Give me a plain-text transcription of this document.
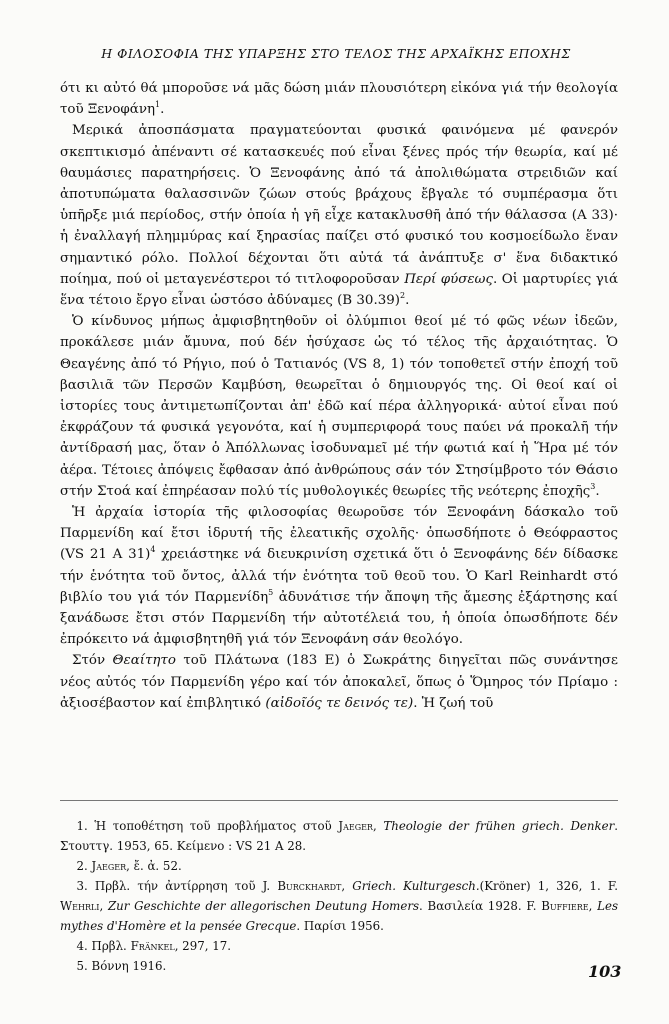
Η ΦΙΛΟΣΟΦΙΑ ΤΗΣ ΥΠΑΡΞΗΣ ΣΤΟ ΤΕΛΟΣ ΤΗΣ ΑΡΧΑΪΚΗΣ ΕΠΟΧΗΣ

ότι κι αὐτό θά μποροῦσε νά μᾶς δώση μιάν πλουσιότερη εἰκόνα γιά τήν θεολογία τοῦ Ξενοφάνη$^1$.

Μερικά ἀποσπάσματα πραγματεύονται φυσικά φαινόμενα μέ φανερόν σκεπτικισμό ἀπέναντι σέ κατασκευές πού εἶναι ξένες πρός τήν θεωρία, καί μέ θαυμάσιες παρατηρήσεις. Ὁ Ξενοφάνης ἀπό τά ἀπολιθώματα στρειδιῶν καί ἀποτυπώματα θαλασσινῶν ζώων στούς βράχους ἔβγαλε τό συμπέρασμα ὅτι ὑπῆρξε μιά περίοδος, στήν ὁποία ἡ γῆ εἶχε κατακλυσθῆ ἀπό τήν θάλασσα (A 33)· ἡ ἐναλλαγή πλημμύρας καί ξηρασίας παίζει στό φυσικό του κοσμοείδωλο ἕναν σημαντικό ρόλο. Πολλοί δέχονται ὅτι αὐτά τά ἀνάπτυξε σ' ἕνα διδακτικό ποίημα, πού οἱ μεταγενέστεροι τό τιτλοφοροῦσαν Περί φύσεως. Οἱ μαρτυρίες γιά ἕνα τέτοιο ἔργο εἶναι ὡστόσο ἀδύναμες (B 30.39)$^2$.

Ὁ κίνδυνος μήπως ἀμφισβητηθοῦν οἱ ὀλύμπιοι θεοί μέ τό φῶς νέων ἰδεῶν, προκάλεσε μιάν ἄμυνα, πού δέν ἡσύχασε ὡς τό τέλος τῆς ἀρχαιότητας. Ὁ Θεαγένης ἀπό τό Ρήγιο, πού ὁ Τατιανός (VS 8, 1) τόν τοποθετεῖ στήν ἐποχή τοῦ βασιλιᾶ τῶν Περσῶν Καμβύση, θεωρεῖται ὁ δημιουργός της. Οἱ θεοί καί οἱ ἱστορίες τους ἀντιμετωπίζονται ἀπ' ἐδῶ καί πέρα ἀλληγορικά· αὐτοί εἶναι πού ἐκφράζουν τά φυσικά γεγονότα, καί ἡ συμπεριφορά τους παύει νά προκαλῆ τήν ἀντίδρασή μας, ὅταν ὁ Ἀπόλλωνας ἰσοδυναμεῖ μέ τήν φωτιά καί ἡ Ἥρα μέ τόν ἀέρα. Τέτοιες ἀπόψεις ἔφθασαν ἀπό ἀνθρώπους σάν τόν Στησίμβροτο τόν Θάσιο στήν Στοά καί ἐπηρέασαν πολύ τίς μυθολογικές θεωρίες τῆς νεότερης ἐποχῆς$^3$.

Ἡ ἀρχαία ἱστορία τῆς φιλοσοφίας θεωροῦσε τόν Ξενοφάνη δάσκαλο τοῦ Παρμενίδη καί ἔτσι ἱδρυτή τῆς ἐλεατικῆς σχολῆς· ὁπωσδήποτε ὁ Θεόφραστος (VS 21 A 31)$^4$ χρειάστηκε νά διευκρινίση σχετικά ὅτι ὁ Ξενοφάνης δέν δίδασκε τήν ἑνότητα τοῦ ὄντος, ἀλλά τήν ἑνότητα τοῦ θεοῦ του. Ὁ Karl Reinhardt στό βιβλίο του γιά τόν Παρμενίδη$^5$ ἀδυνάτισε τήν ἄποψη τῆς ἄμεσης ἐξάρτησης καί ξανάδωσε ἔτσι στόν Παρμενίδη τήν αὐτοτέλειά του, ἡ ὁποία ὁπωσδήποτε δέν ἐπρόκειτο νά ἀμφισβητηθῆ γιά τόν Ξενοφάνη σάν θεολόγο.

Στόν Θεαίτητο τοῦ Πλάτωνα (183 E) ὁ Σωκράτης διηγεῖται πῶς συνάντησε νέος αὐτός τόν Παρμενίδη γέρο καί τόν ἀποκαλεῖ, ὅπως ὁ Ὅμηρος τόν Πρίαμο : ἀξιοσέβαστον καί ἐπιβλητικό (αἰδοῖός τε δεινός τε). Ἡ ζωή τοῦ

1. Ἡ τοποθέτηση τοῦ προβλήματος στοῦ Jaeger, Theologie der frühen griech. Denker. Στουττγ. 1953, 65. Κείμενο : VS 21 A 28.
2. Jaeger, ἔ. ἀ. 52.
3. Πρβλ. τήν ἀντίρρηση τοῦ J. Burckhardt, Griech. Kulturgesch.(Kröner) 1, 326, 1. F. Wehrli, Zur Geschichte der allegorischen Deutung Homers. Βασιλεία 1928. F. Buffiere, Les mythes d'Homère et la pensée Grecque. Παρίσι 1956.
4. Πρβλ. Fränkel, 297, 17.
5. Βόννη 1916.	103
